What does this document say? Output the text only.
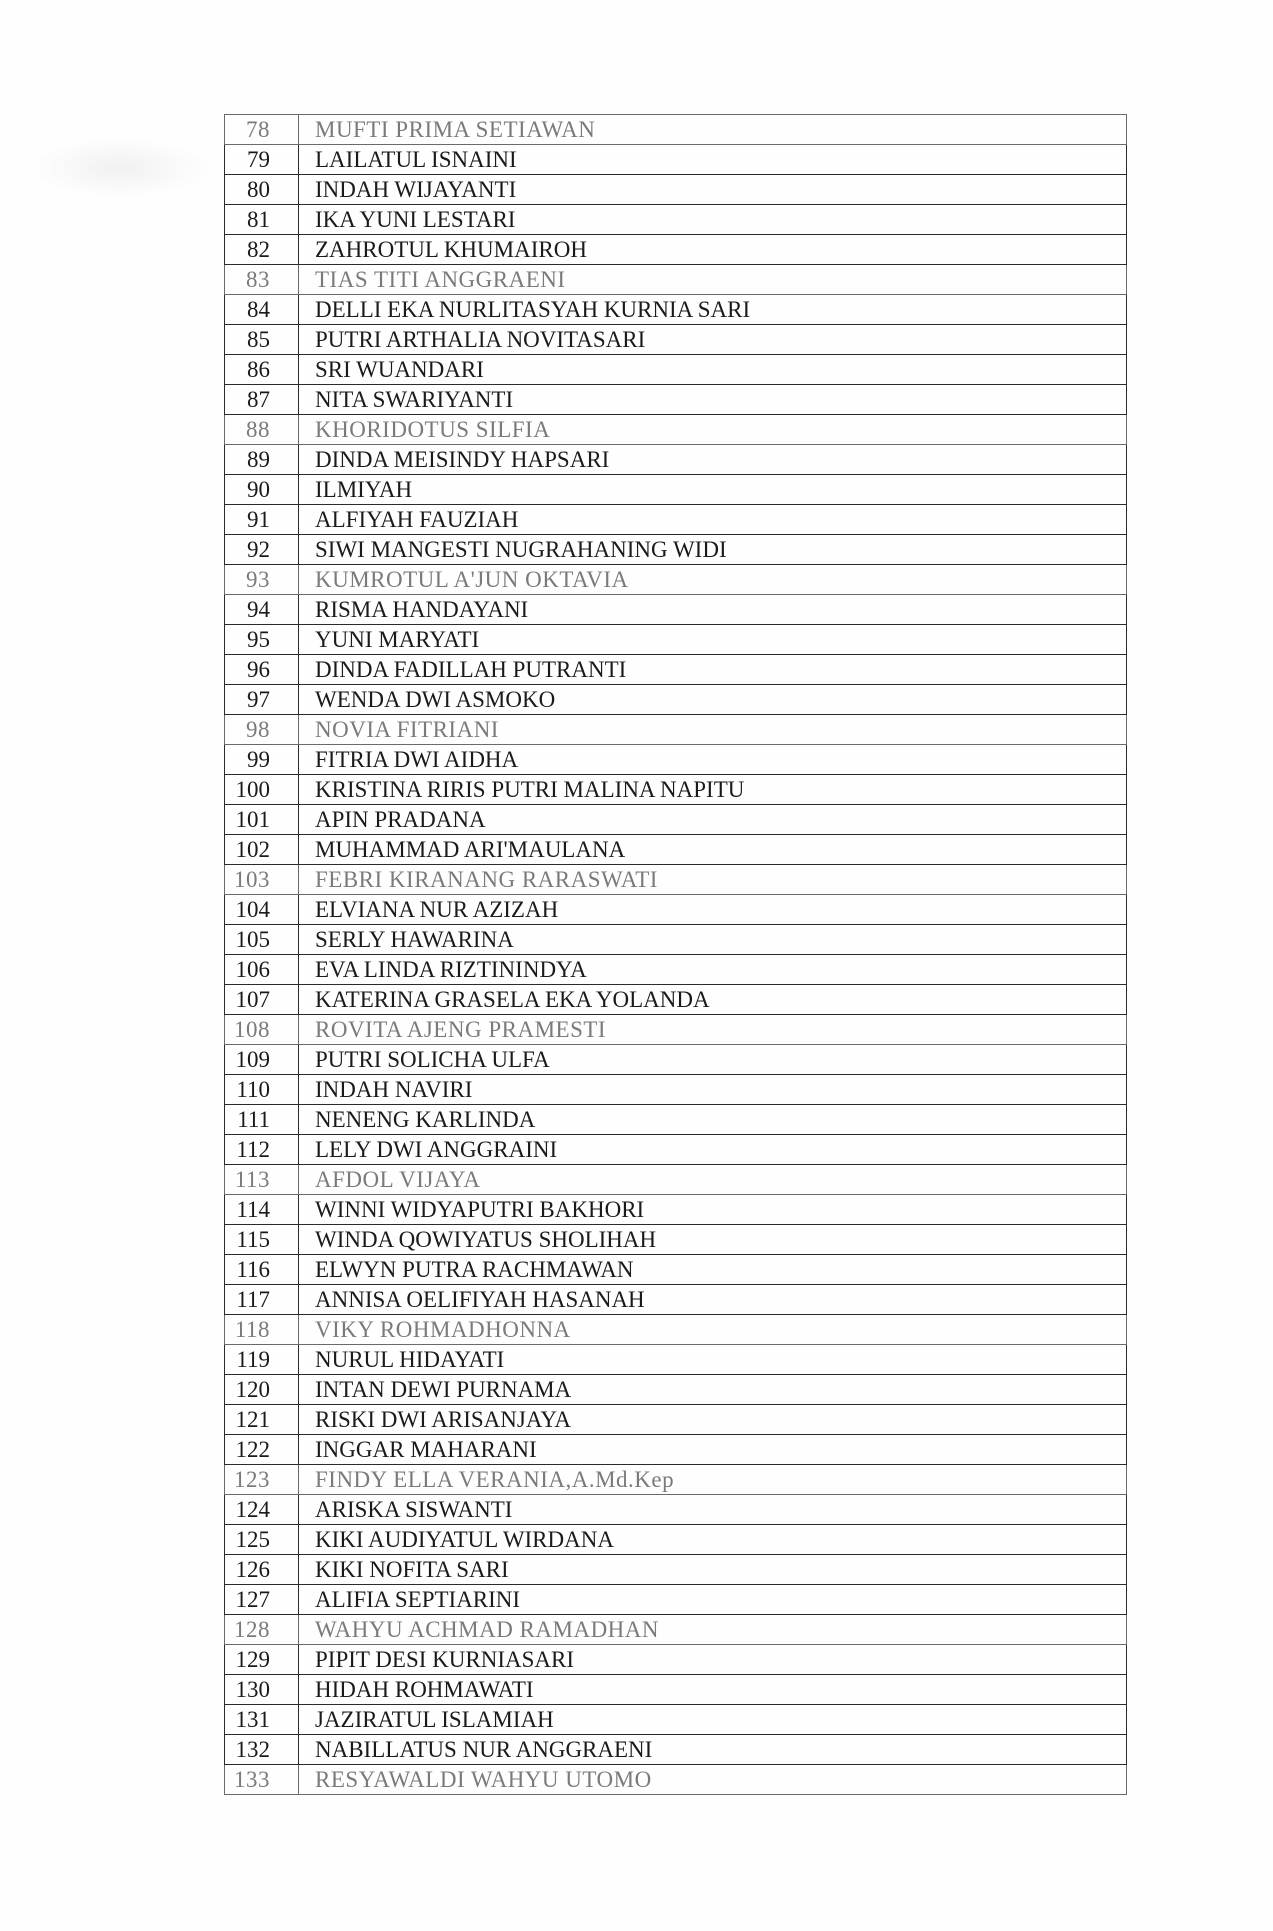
78	MUFTI PRIMA SETIAWAN
79	LAILATUL ISNAINI
80	INDAH WIJAYANTI
81	IKA YUNI LESTARI
82	ZAHROTUL KHUMAIROH
83	TIAS TITI ANGGRAENI
84	DELLI EKA NURLITASYAH KURNIA SARI
85	PUTRI ARTHALIA NOVITASARI
86	SRI WUANDARI
87	NITA SWARIYANTI
88	KHORIDOTUS SILFIA
89	DINDA MEISINDY HAPSARI
90	ILMIYAH
91	ALFIYAH FAUZIAH
92	SIWI MANGESTI NUGRAHANING WIDI
93	KUMROTUL A'JUN OKTAVIA
94	RISMA HANDAYANI
95	YUNI MARYATI
96	DINDA FADILLAH PUTRANTI
97	WENDA DWI ASMOKO
98	NOVIA FITRIANI
99	FITRIA DWI AIDHA
100	KRISTINA RIRIS PUTRI MALINA NAPITU
101	APIN PRADANA
102	MUHAMMAD ARI'MAULANA
103	FEBRI KIRANANG RARASWATI
104	ELVIANA NUR AZIZAH
105	SERLY HAWARINA
106	EVA LINDA RIZTININDYA
107	KATERINA GRASELA EKA YOLANDA
108	ROVITA AJENG PRAMESTI
109	PUTRI SOLICHA ULFA
110	INDAH NAVIRI
111	NENENG KARLINDA
112	LELY DWI ANGGRAINI
113	AFDOL VIJAYA
114	WINNI WIDYAPUTRI BAKHORI
115	WINDA QOWIYATUS SHOLIHAH
116	ELWYN PUTRA RACHMAWAN
117	ANNISA OELIFIYAH HASANAH
118	VIKY ROHMADHONNA
119	NURUL HIDAYATI
120	INTAN DEWI PURNAMA
121	RISKI DWI ARISANJAYA
122	INGGAR MAHARANI
123	FINDY ELLA VERANIA,A.Md.Kep
124	ARISKA SISWANTI
125	KIKI AUDIYATUL WIRDANA
126	KIKI NOFITA SARI
127	ALIFIA SEPTIARINI
128	WAHYU ACHMAD RAMADHAN
129	PIPIT DESI KURNIASARI
130	HIDAH ROHMAWATI
131	JAZIRATUL ISLAMIAH
132	NABILLATUS NUR ANGGRAENI
133	RESYAWALDI WAHYU UTOMO
